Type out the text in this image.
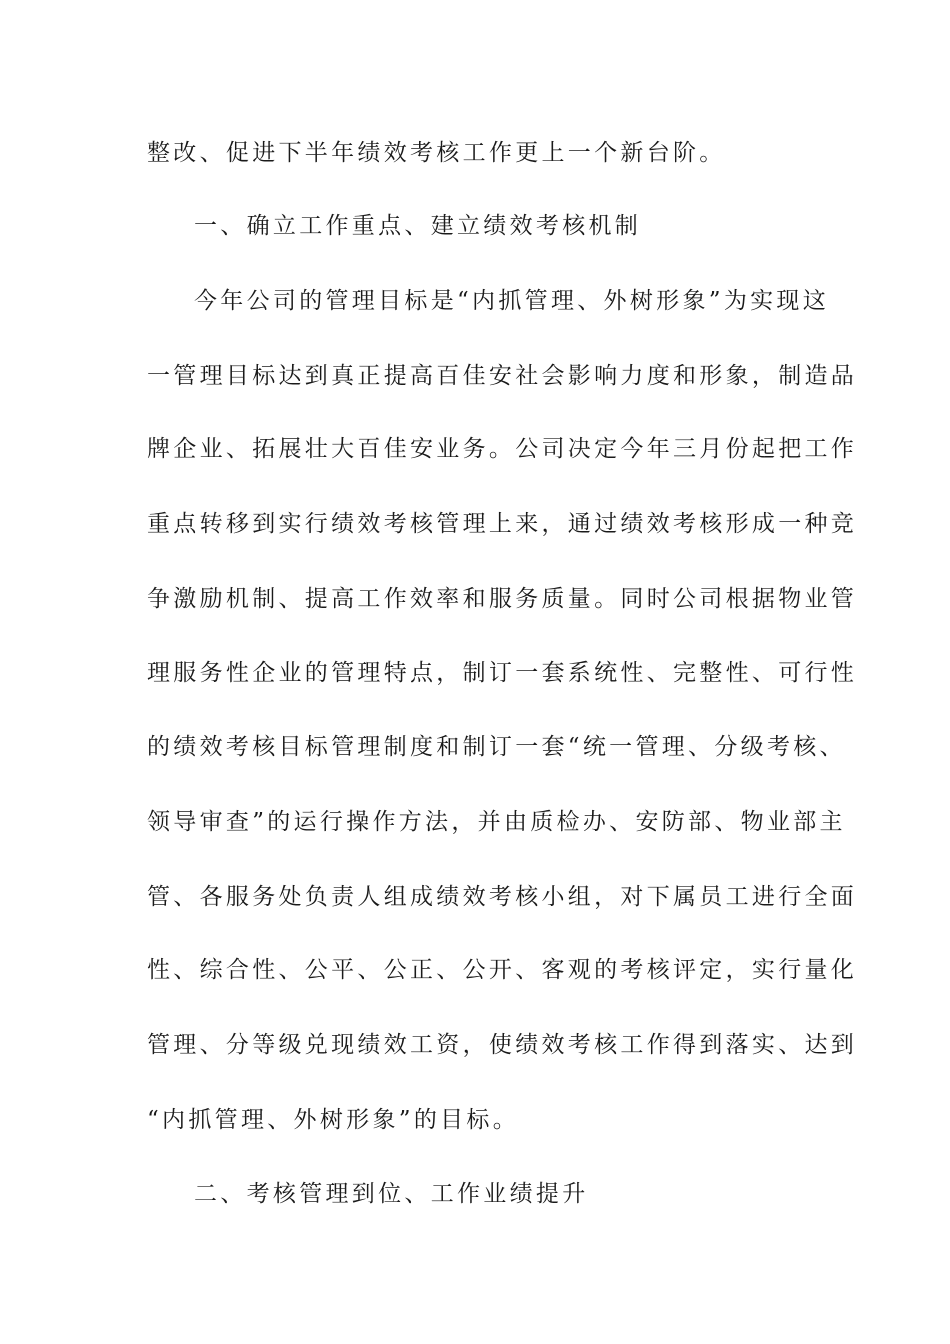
整改、促进下半年绩效考核工作更上一个新台阶。
一、确立工作重点、建立绩效考核机制
今年公司的管理目标是“内抓管理、外树形象”为实现这
一管理目标达到真正提高百佳安社会影响力度和形象，制造品
牌企业、拓展壮大百佳安业务。公司决定今年三月份起把工作
重点转移到实行绩效考核管理上来，通过绩效考核形成一种竞
争激励机制、提高工作效率和服务质量。同时公司根据物业管
理服务性企业的管理特点，制订一套系统性、完整性、可行性
的绩效考核目标管理制度和制订一套“统一管理、分级考核、
领导审查”的运行操作方法，并由质检办、安防部、物业部主
管、各服务处负责人组成绩效考核小组，对下属员工进行全面
性、综合性、公平、公正、公开、客观的考核评定，实行量化
管理、分等级兑现绩效工资，使绩效考核工作得到落实、达到
“内抓管理、外树形象”的目标。
二、考核管理到位、工作业绩提升
